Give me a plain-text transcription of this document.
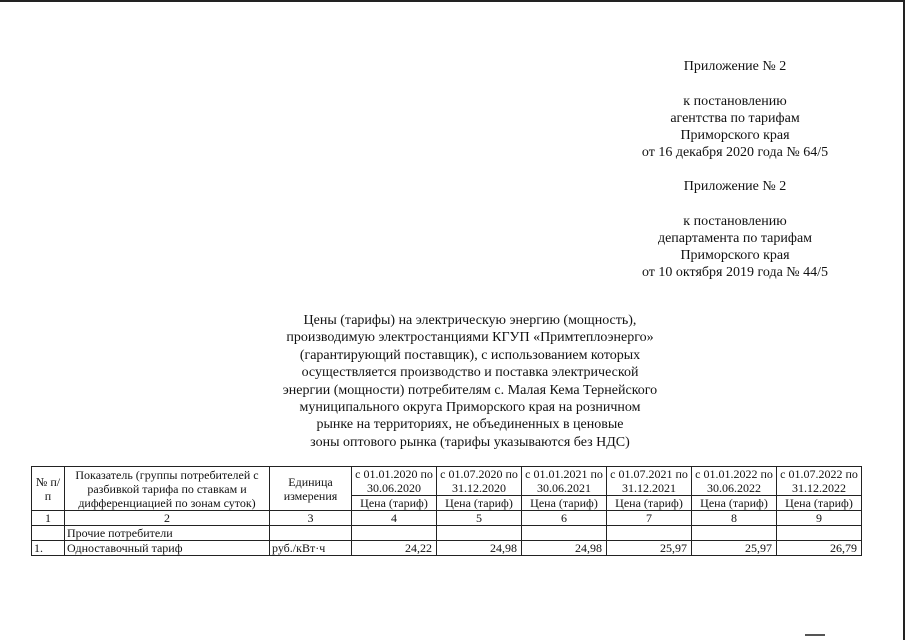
Приложение № 2
к постановлению
агентства по тарифам
Приморского края
от 16 декабря 2020 года № 64/5
Приложение № 2
к постановлению
департамента по тарифам
Приморского края
от 10 октября 2019 года № 44/5
Цены (тарифы) на электрическую энергию (мощность),
производимую электростанциями КГУП «Примтеплоэнерго»
(гарантирующий поставщик), с использованием которых
осуществляется производство и поставка электрической
энергии (мощности) потребителям с. Малая Кема Тернейского
муниципального округа Приморского края на розничном
рынке на территориях, не объединенных в ценовые
зоны оптового рынка (тарифы указываются без НДС)
№ п/п	Показатель (группы потребителей с разбивкой тарифа по ставкам и дифференциацией по зонам суток)	Единица измерения	с 01.01.2020 по 30.06.2020	с 01.07.2020 по 31.12.2020	с 01.01.2021 по 30.06.2021	с 01.07.2021 по 31.12.2021	с 01.01.2022 по 30.06.2022	с 01.07.2022 по 31.12.2022
			Цена (тариф)	Цена (тариф)	Цена (тариф)	Цена (тариф)	Цена (тариф)	Цена (тариф)
1	2	3	4	5	6	7	8	9
	Прочие потребители							
1.	Одноставочный тариф	руб./кВт·ч	24,22	24,98	24,98	25,97	25,97	26,79
